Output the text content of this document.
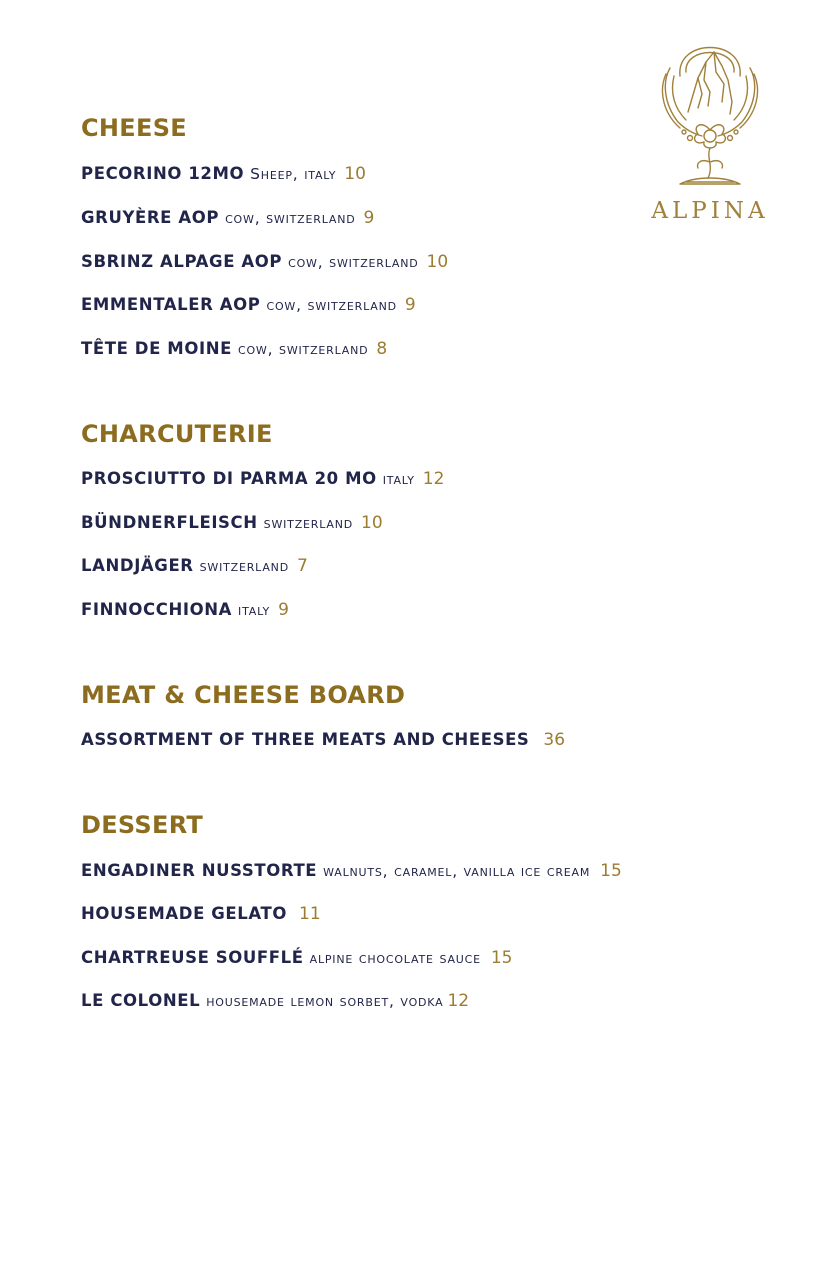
ALPINA
CHEESE
PECORINO 12MO Sheep, italy 10
GRUYÈRE AOP cow, switzerland 9
SBRINZ ALPAGE AOP cow, switzerland 10
EMMENTALER AOP cow, switzerland 9
TÊTE DE MOINE cow, switzerland 8
CHARCUTERIE
PROSCIUTTO DI PARMA 20 MO italy 12
BÜNDNERFLEISCH switzerland 10
LANDJÄGER switzerland 7
FINNOCCHIONA italy 9
MEAT & CHEESE BOARD
ASSORTMENT OF THREE MEATS AND CHEESES 36
DESSERT
ENGADINER NUSSTORTE walnuts, caramel, vanilla ice cream 15
HOUSEMADE GELATO 11
CHARTREUSE SOUFFLÉ alpine chocolate sauce 15
LE COLONEL housemade lemon sorbet, vodka 12
